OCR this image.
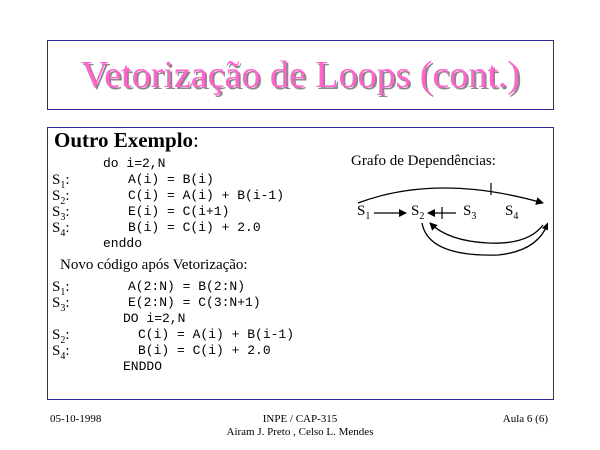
Vetorização de Loops (cont.)
Outro Exemplo:
do i=2,N
$S_1$:	A(i) = B(i)
$S_2$:	C(i) = A(i) + B(i-1)
$S_3$:	E(i) = C(i+1)
$S_4$:	B(i) = C(i) + 2.0
enddo
Grafo de Dependências:
$S_1$	$S_2$	$S_3$ $S_4$
Novo código após Vetorização:
$S_1$:	A(2:N) = B(2:N)
$S_3$:	E(2:N) = C(3:N+1)
DO i=2,N
$S_2$:	C(i) = A(i) + B(i-1)
$S_4$:	B(i) = C(i) + 2.0
ENDDO
05-10-1998	INPE / CAP-315
Airam J. Preto , Celso L. Mendes
Aula 6 (6)
